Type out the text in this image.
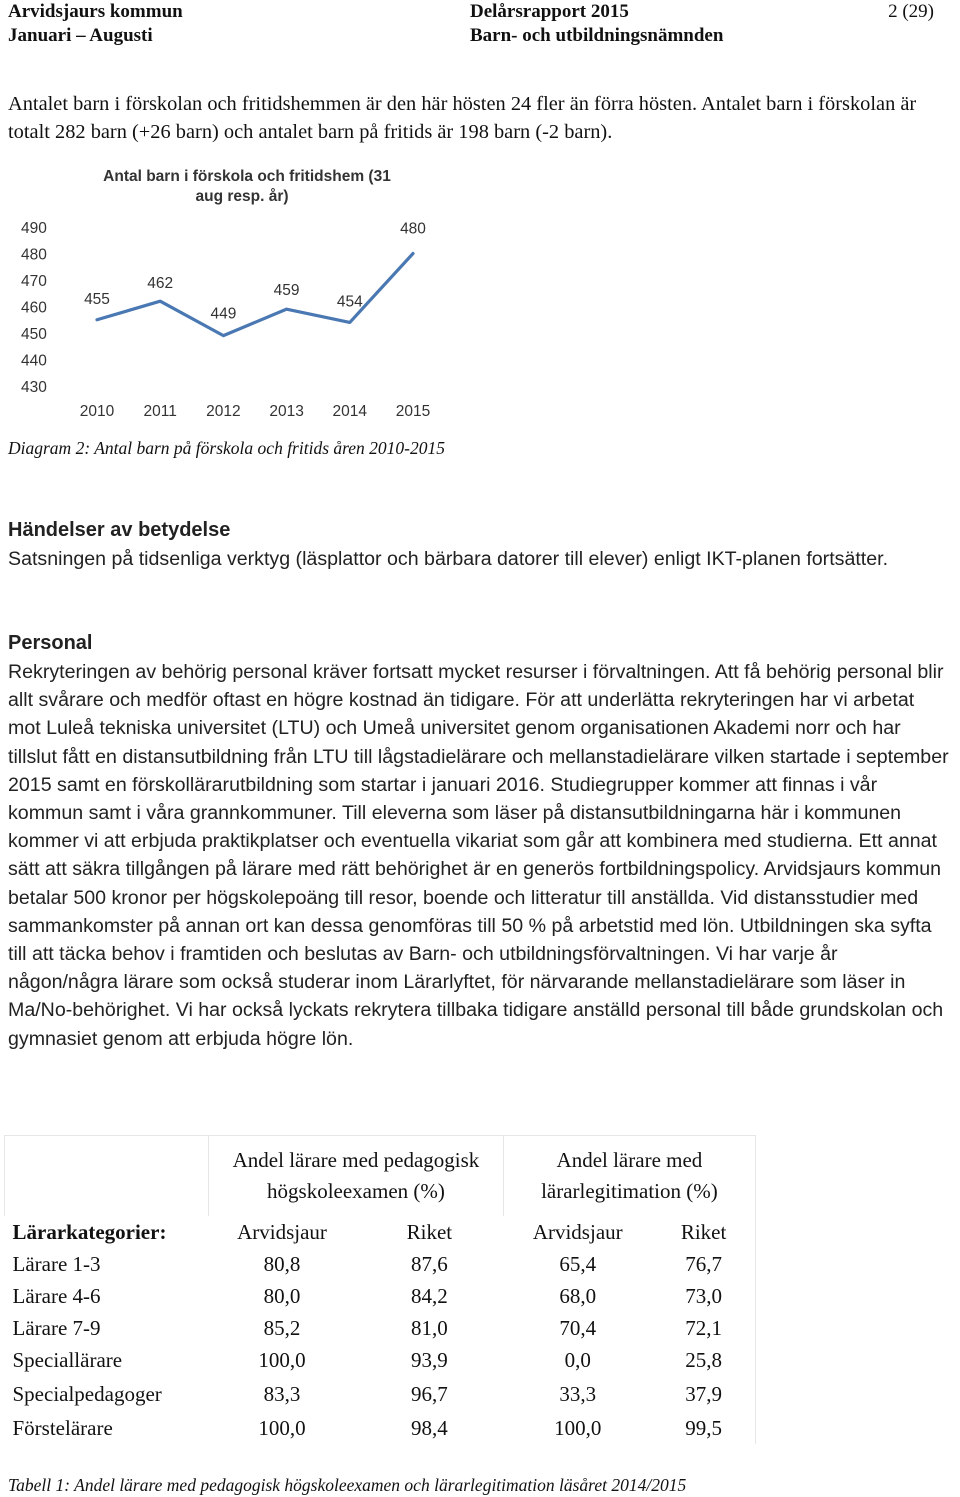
Arvidsjaurs kommun
Januari – Augusti
Delårsrapport 2015
Barn- och utbildningsnämnden
2 (29)
Antalet barn i förskolan och fritidshemmen är den här hösten 24 fler än förra hösten. Antalet barn i förskolan är totalt 282 barn (+26 barn) och antalet barn på fritids är 198 barn (-2 barn).
Antal barn i förskola och fritidshem (31
aug resp. år)
490
480
470
460
450
440
430
2010 2011 2012 2013 2014 2015
455
462
449
459
454
480
Diagram 2: Antal barn på förskola och fritids åren 2010-2015
Händelser av betydelse
Satsningen på tidsenliga verktyg (läsplattor och bärbara datorer till elever) enligt IKT-planen fortsätter.
Personal
Rekryteringen av behörig personal kräver fortsatt mycket resurser i förvaltningen. Att få behörig personal blir allt svårare och medför oftast en högre kostnad än tidigare. För att underlätta rekryteringen har vi arbetat mot Luleå tekniska universitet (LTU) och Umeå universitet genom organisationen Akademi norr och har tillslut fått en distansutbildning från LTU till lågstadielärare och mellanstadielärare vilken startade i september 2015 samt en förskollärarutbildning som startar i januari 2016. Studiegrupper kommer att finnas i vår kommun samt i våra grannkommuner. Till eleverna som läser på distansutbildningarna här i kommunen kommer vi att erbjuda praktikplatser och eventuella vikariat som går att kombinera med studierna. Ett annat sätt att säkra tillgången på lärare med rätt behörighet är en generös fortbildningspolicy. Arvidsjaurs kommun betalar 500 kronor per högskolepoäng till resor, boende och litteratur till anställda. Vid distansstudier med sammankomster på annan ort kan dessa genomföras till 50 % på arbetstid med lön. Utbildningen ska syfta till att täcka behov i framtiden och beslutas av Barn- och utbildningsförvaltningen. Vi har varje år någon/några lärare som också studerar inom Lärarlyftet, för närvarande mellanstadielärare som läser in Ma/No-behörighet. Vi har också lyckats rekrytera tillbaka tidigare anställd personal till både grundskolan och gymnasiet genom att erbjuda högre lön.
	Andel lärare med pedagogisk högskoleexamen (%)		Andel lärare med lärarlegitimation (%)	
Lärarkategorier:	Arvidsjaur	Riket	Arvidsjaur	Riket
Lärare 1-3	80,8	87,6	65,4	76,7
Lärare 4-6	80,0	84,2	68,0	73,0
Lärare 7-9	85,2	81,0	70,4	72,1
Speciallärare	100,0	93,9	0,0	25,8
Specialpedagoger	83,3	96,7	33,3	37,9
Förstelärare	100,0	98,4	100,0	99,5
Tabell 1: Andel lärare med pedagogisk högskoleexamen och lärarlegitimation läsåret 2014/2015
